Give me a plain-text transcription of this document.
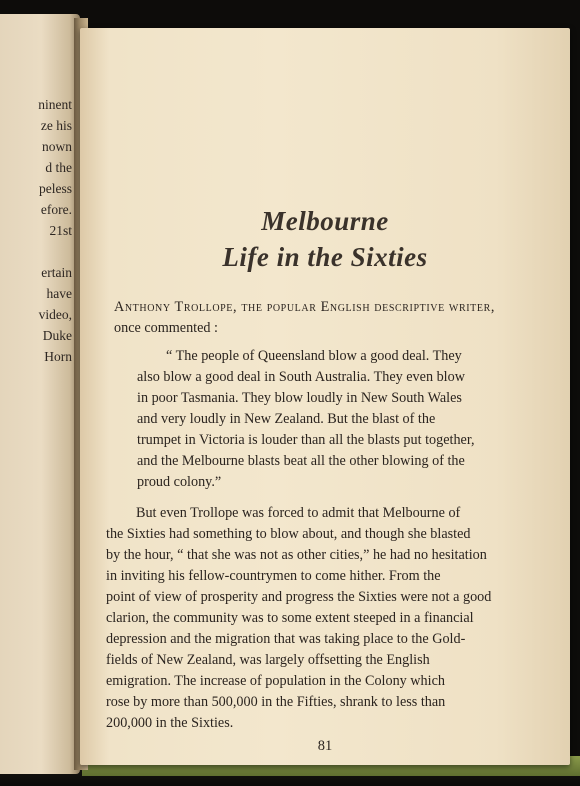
ninent
ze his
nown
d the
peless
efore.
21st
ertain
have
video,
Duke
Horn
Melbourne
Life in the Sixties
Anthony Trollope, the popular English descriptive writer,
once commented :
“ The people of Queensland blow a good deal. They
also blow a good deal in South Australia. They even blow
in poor Tasmania. They blow loudly in New South Wales
and very loudly in New Zealand. But the blast of the
trumpet in Victoria is louder than all the blasts put together,
and the Melbourne blasts beat all the other blowing of the
proud colony.”
But even Trollope was forced to admit that Melbourne of
the Sixties had something to blow about, and though she blasted
by the hour, “ that she was not as other cities,” he had no hesitation
in inviting his fellow-countrymen to come hither. From the
point of view of prosperity and progress the Sixties were not a good
clarion, the community was to some extent steeped in a financial
depression and the migration that was taking place to the Gold-
fields of New Zealand, was largely offsetting the English
emigration. The increase of population in the Colony which
rose by more than 500,000 in the Fifties, shrank to less than
200,000 in the Sixties.
81
